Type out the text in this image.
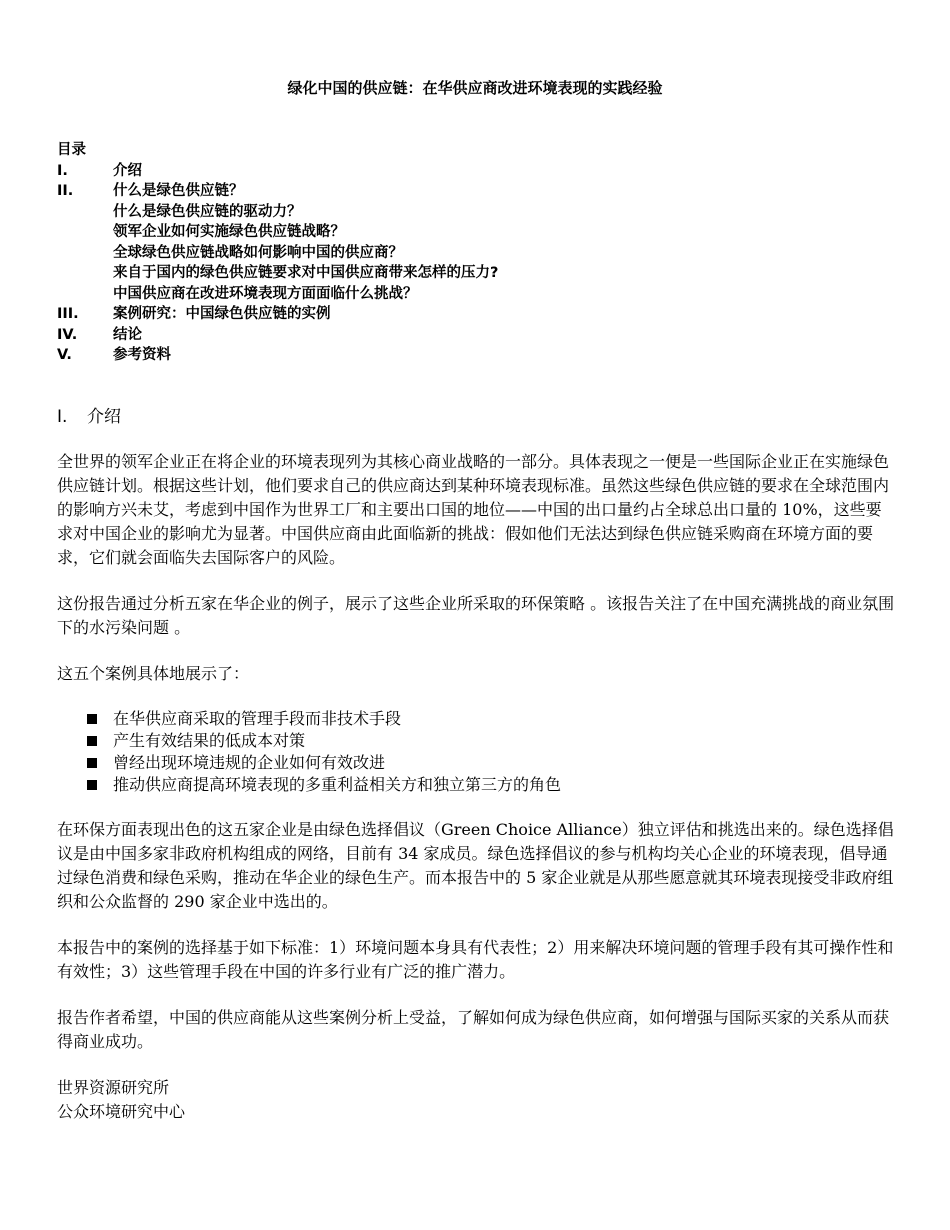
绿化中国的供应链：在华供应商改进环境表现的实践经验
目录
I.	介绍
II.	什么是绿色供应链？
什么是绿色供应链的驱动力？
领军企业如何实施绿色供应链战略？
全球绿色供应链战略如何影响中国的供应商？
来自于国内的绿色供应链要求对中国供应商带来怎样的压力?
中国供应商在改进环境表现方面面临什么挑战？
III.	案例研究：中国绿色供应链的实例
IV.	结论
V.	参考资料
I. 介绍

全世界的领军企业正在将企业的环境表现列为其核心商业战略的一部分。具体表现之一便是一些国际企业正在实施绿色供应链计划。根据这些计划，他们要求自己的供应商达到某种环境表现标准。虽然这些绿色供应链的要求在全球范围内的影响方兴未艾，考虑到中国作为世界工厂和主要出口国的地位——中国的出口量约占全球总出口量的 10%，这些要求对中国企业的影响尤为显著。中国供应商由此面临新的挑战：假如他们无法达到绿色供应链采购商在环境方面的要求，它们就会面临失去国际客户的风险。

这份报告通过分析五家在华企业的例子，展示了这些企业所采取的环保策略 。该报告关注了在中国充满挑战的商业氛围下的水污染问题 。

这五个案例具体地展示了：

在华供应商采取的管理手段而非技术手段
产生有效结果的低成本对策
曾经出现环境违规的企业如何有效改进
推动供应商提高环境表现的多重利益相关方和独立第三方的角色

在环保方面表现出色的这五家企业是由绿色选择倡议（Green Choice Alliance）独立评估和挑选出来的。绿色选择倡议是由中国多家非政府机构组成的网络，目前有 34 家成员。绿色选择倡议的参与机构均关心企业的环境表现，倡导通过绿色消费和绿色采购，推动在华企业的绿色生产。而本报告中的 5 家企业就是从那些愿意就其环境表现接受非政府组织和公众监督的 290 家企业中选出的。

本报告中的案例的选择基于如下标准：1）环境问题本身具有代表性；2）用来解决环境问题的管理手段有其可操作性和有效性；3）这些管理手段在中国的许多行业有广泛的推广潜力。

报告作者希望，中国的供应商能从这些案例分析上受益，了解如何成为绿色供应商，如何增强与国际买家的关系从而获得商业成功。

世界资源研究所
公众环境研究中心
